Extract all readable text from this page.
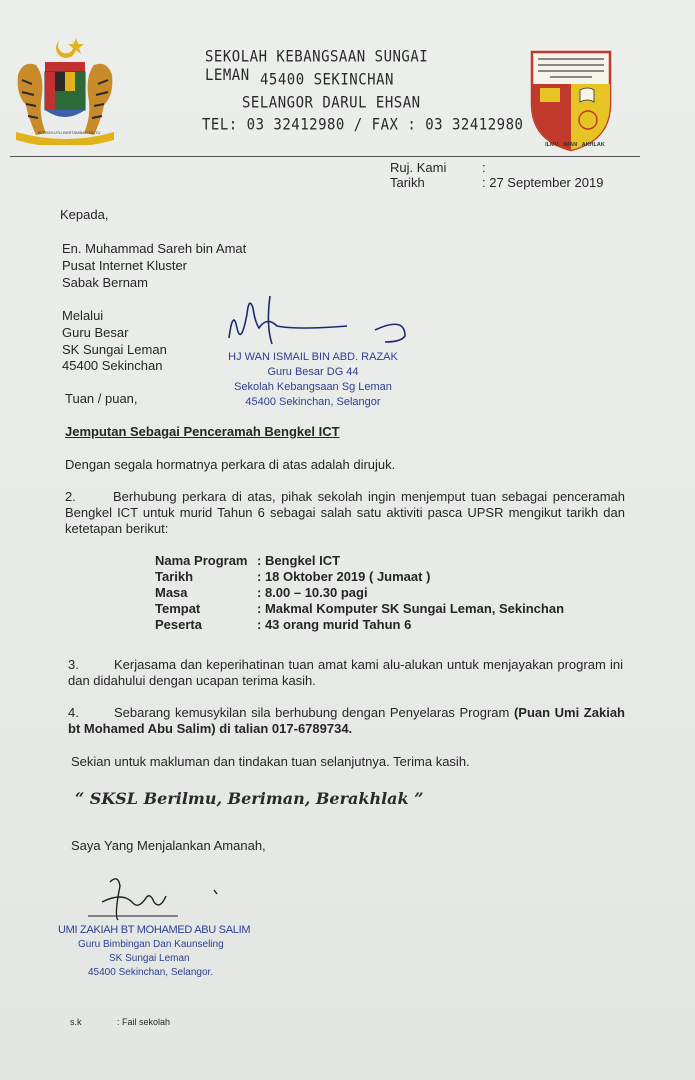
BERSEKUTU BERTAMBAH MUTU
SEKOLAH KEBANGSAAN SUNGAI LEMAN 45400 SEKINCHAN
SELANGOR DARUL EHSAN
TEL: 03 32412980 / FAX : 03 32412980
ILMU   IMAN   AKHLAK
Ruj. Kami	:
Tarikh	: 27 September 2019
Kepada,
En. Muhammad Sareh bin Amat
Pusat Internet Kluster
Sabak Bernam
Melalui
Guru Besar
SK Sungai Leman
45400 Sekinchan
HJ WAN ISMAIL BIN ABD. RAZAK
Guru Besar DG 44
Sekolah Kebangsaan Sg Leman
45400 Sekinchan, Selangor
Tuan / puan,
Jemputan Sebagai Penceramah Bengkel ICT
Dengan segala hormatnya perkara di atas adalah dirujuk.
2.	Berhubung perkara di atas, pihak sekolah ingin menjemput tuan sebagai penceramah Bengkel ICT untuk murid Tahun 6 sebagai salah satu aktiviti pasca UPSR mengikut tarikh dan ketetapan berikut:
Nama Program : Bengkel ICT
Tarikh	: 18 Oktober 2019 ( Jumaat )
Masa	: 8.00 – 10.30 pagi
Tempat	: Makmal Komputer SK Sungai Leman, Sekinchan
Peserta	: 43 orang murid Tahun 6
3.	Kerjasama dan keperihatinan tuan amat kami alu-alukan untuk menjayakan program ini dan didahului dengan ucapan terima kasih.
4.	Sebarang kemusykilan sila berhubung dengan Penyelaras Program (Puan Umi Zakiah bt Mohamed Abu Salim) di talian 017-6789734.
Sekian untuk makluman dan tindakan tuan selanjutnya. Terima kasih.
“ SKSL Berilmu, Beriman, Berakhlak ”
Saya Yang Menjalankan Amanah,
UMI ZAKIAH BT MOHAMED ABU SALIM
Guru Bimbingan Dan Kaunseling
SK Sungai Leman
45400 Sekinchan, Selangor.
s.k	: Fail sekolah
